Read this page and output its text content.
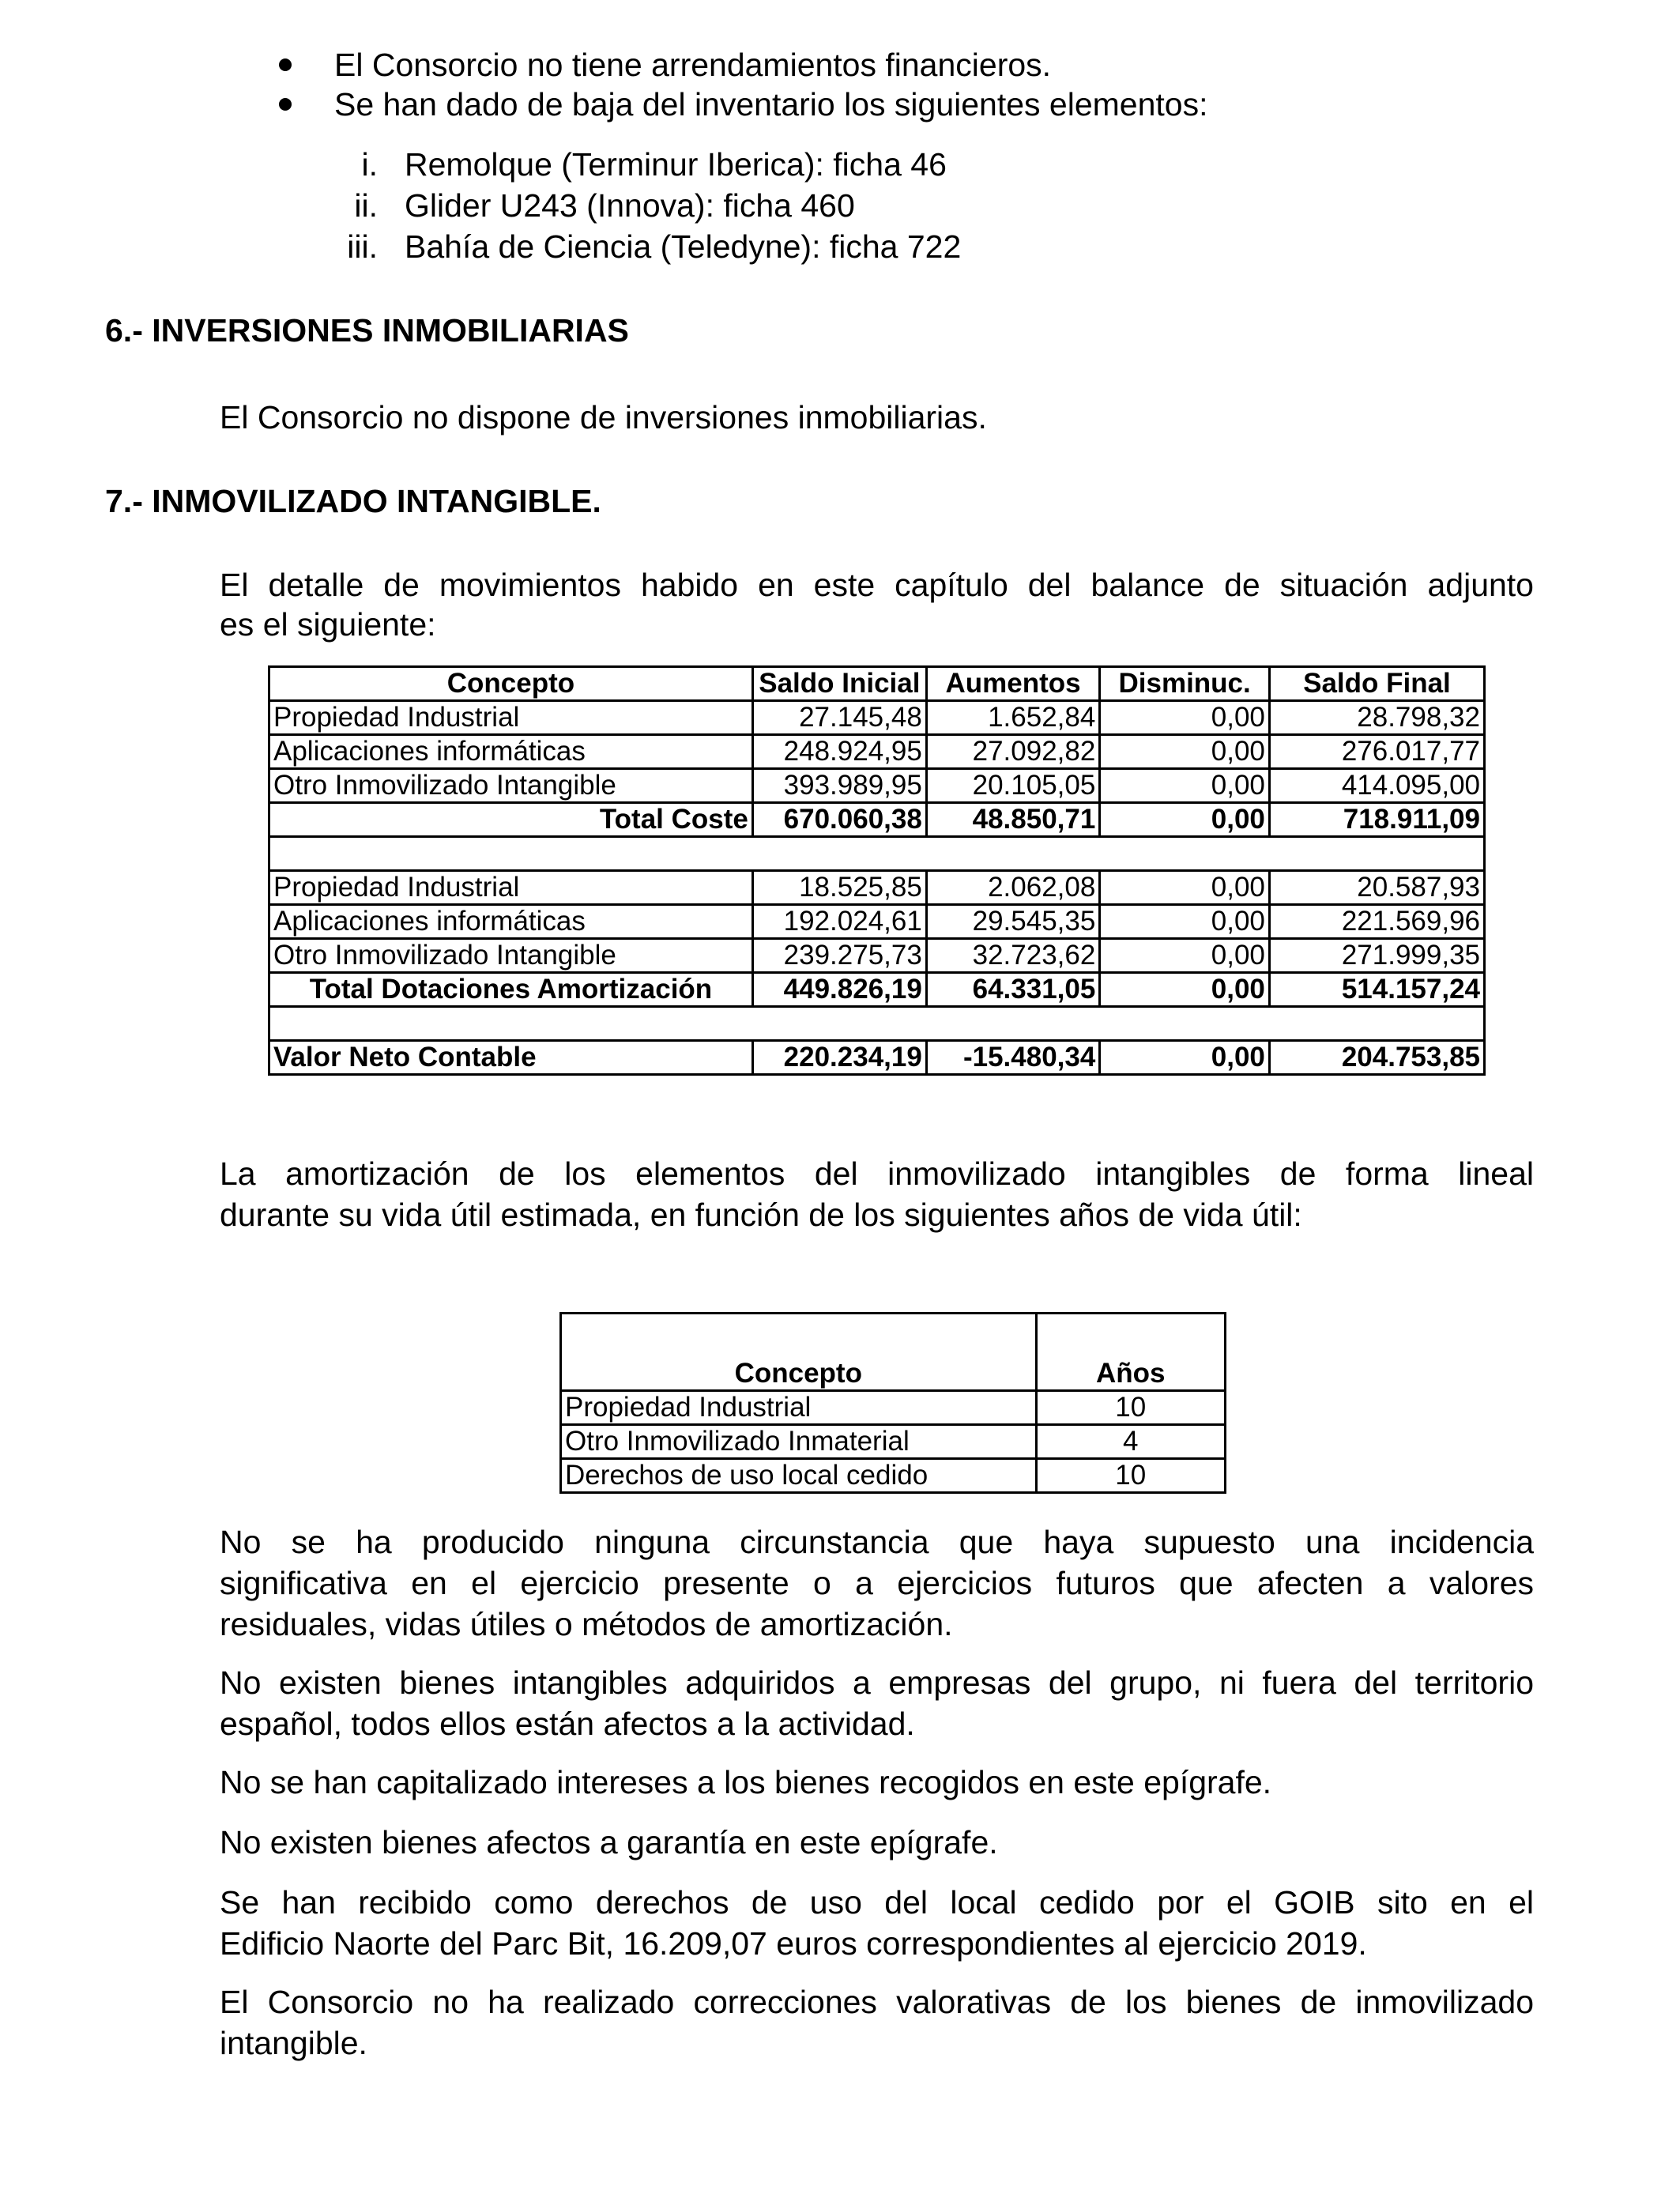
El Consorcio no tiene arrendamientos financieros.
Se han dado de baja del inventario los siguientes elementos:
i. Remolque (Terminur Iberica): ficha 46
ii. Glider U243 (Innova): ficha 460
iii. Bahía de Ciencia (Teledyne): ficha 722
6.- INVERSIONES INMOBILIARIAS
El Consorcio no dispone de inversiones inmobiliarias.
7.- INMOVILIZADO INTANGIBLE.
El detalle de movimientos habido en este capítulo del balance de situación adjunto
es el siguiente:
Concepto	Saldo Inicial	Aumentos	Disminuc.	Saldo Final
Propiedad Industrial	27.145,48	1.652,84	0,00	28.798,32
Aplicaciones informáticas	248.924,95	27.092,82	0,00	276.017,77
Otro Inmovilizado Intangible	393.989,95	20.105,05	0,00	414.095,00
Total Coste	670.060,38	48.850,71	0,00	718.911,09

Propiedad Industrial	18.525,85	2.062,08	0,00	20.587,93
Aplicaciones informáticas	192.024,61	29.545,35	0,00	221.569,96
Otro Inmovilizado Intangible	239.275,73	32.723,62	0,00	271.999,35
Total Dotaciones Amortización	449.826,19	64.331,05	0,00	514.157,24

Valor Neto Contable	220.234,19	-15.480,34	0,00	204.753,85
La amortización de los elementos del inmovilizado intangibles de forma lineal
durante su vida útil estimada, en función de los siguientes años de vida útil:
Concepto	Años
Propiedad Industrial	10
Otro Inmovilizado Inmaterial	4
Derechos de uso local cedido	10
No se ha producido ninguna circunstancia que haya supuesto una incidencia
significativa en el ejercicio presente o a ejercicios futuros que afecten a valores
residuales, vidas útiles o métodos de amortización.
No existen bienes intangibles adquiridos a empresas del grupo, ni fuera del territorio
español, todos ellos están afectos a la actividad.
No se han capitalizado intereses a los bienes recogidos en este epígrafe.
No existen bienes afectos a garantía en este epígrafe.
Se han recibido como derechos de uso del local cedido por el GOIB sito en el
Edificio Naorte del Parc Bit, 16.209,07 euros correspondientes al ejercicio 2019.
El Consorcio no ha realizado correcciones valorativas de los bienes de inmovilizado
intangible.
